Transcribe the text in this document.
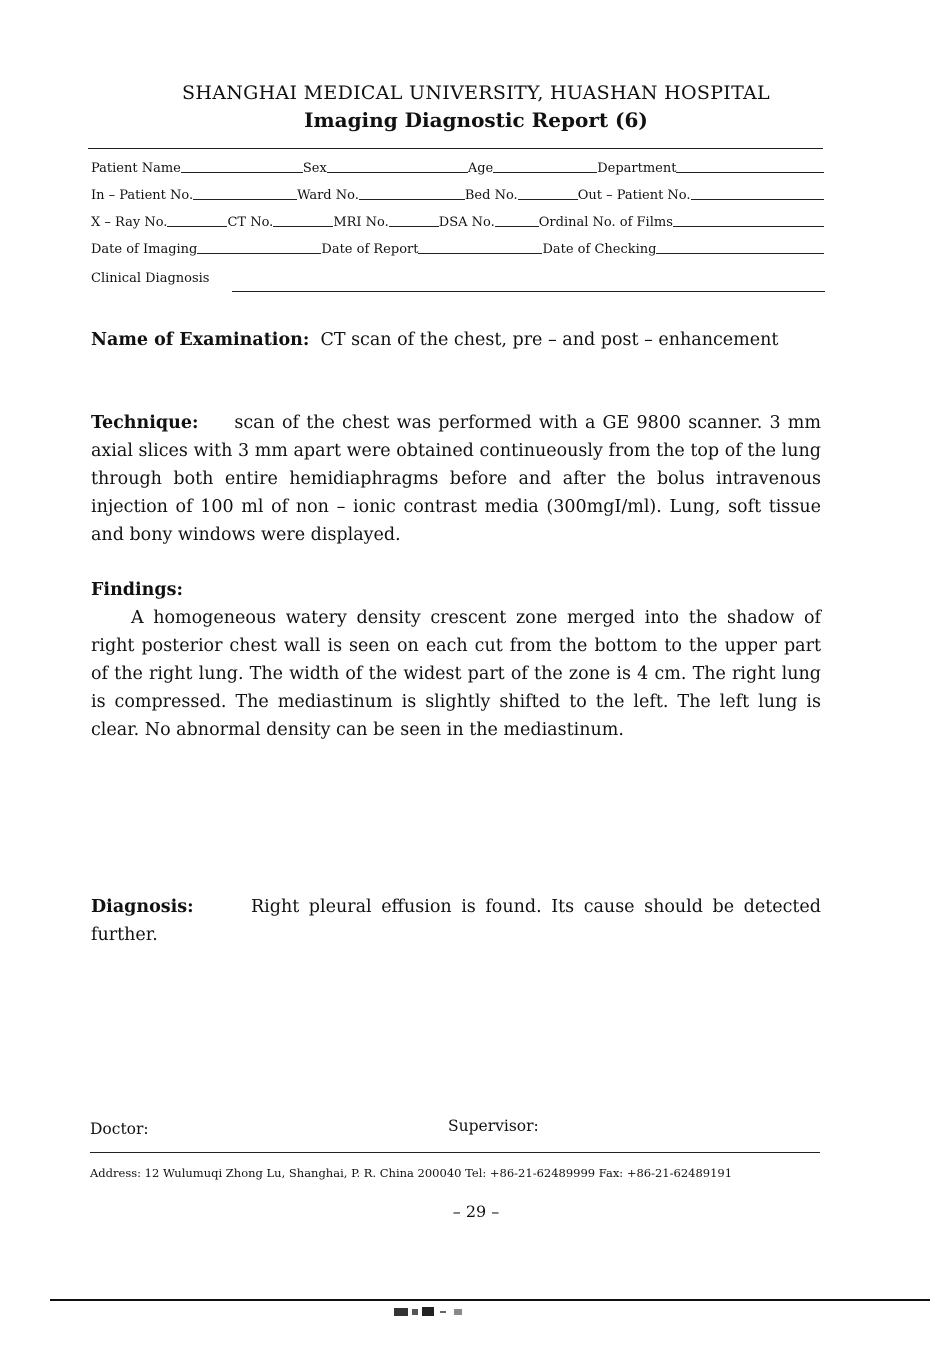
SHANGHAI MEDICAL UNIVERSITY, HUASHAN HOSPITAL
Imaging Diagnostic Report (6)
Patient Name	Sex	Age	Department
In – Patient No.	Ward No.	Bed No.	Out – Patient No.
X – Ray No.	CT No.	MRI No.	DSA No.	Ordinal No. of Films
Date of Imaging	Date of Report	Date of Checking
Clinical Diagnosis

Name of Examination: CT scan of the chest, pre – and post – enhancement

Technique: scan of the chest was performed with a GE 9800 scanner. 3 mm axial slices with 3 mm apart were obtained continueously from the top of the lung through both entire hemidiaphragms before and after the bolus intravenous injection of 100 ml of non – ionic contrast media (300mgI/ml). Lung, soft tissue and bony windows were displayed.

Findings:

A homogeneous watery density crescent zone merged into the shadow of right posterior chest wall is seen on each cut from the bottom to the upper part of the right lung. The width of the widest part of the zone is 4 cm. The right lung is compressed. The mediastinum is slightly shifted to the left. The left lung is clear. No abnormal density can be seen in the mediastinum.

Diagnosis:	Right pleural effusion is found. Its cause should be detected further.

Doctor:	Supervisor:
Address: 12 Wulumuqi Zhong Lu, Shanghai, P. R. China 200040 Tel: +86-21-62489999 Fax: +86-21-62489191
– 29 –
